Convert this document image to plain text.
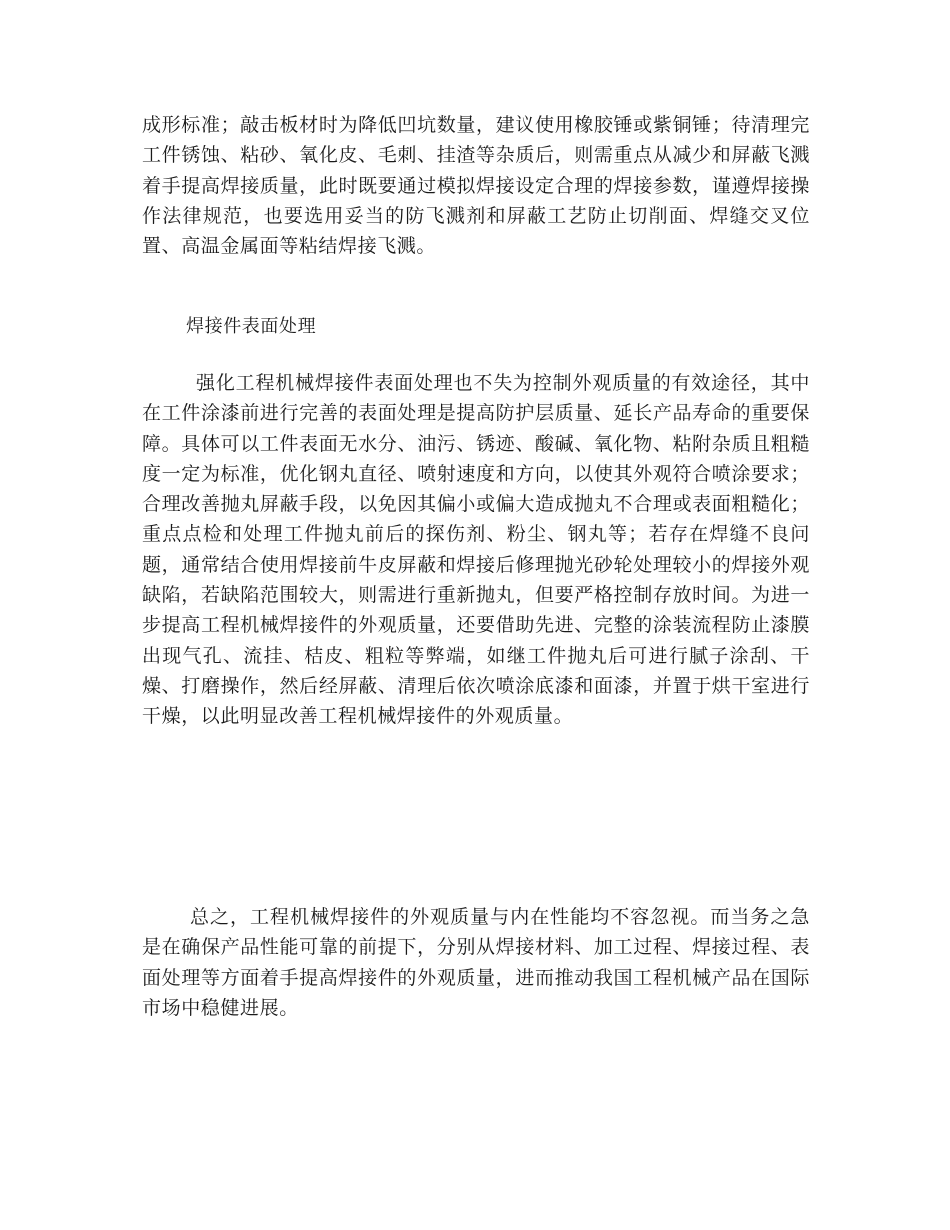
成形标准；敲击板材时为降低凹坑数量，建议使用橡胶锤或紫铜锤；待清理完工件锈蚀、粘砂、氧化皮、毛刺、挂渣等杂质后，则需重点从减少和屏蔽飞溅着手提高焊接质量，此时既要通过模拟焊接设定合理的焊接参数，谨遵焊接操作法律规范，也要选用妥当的防飞溅剂和屏蔽工艺防止切削面、焊缝交叉位置、高温金属面等粘结焊接飞溅。

焊接件表面处理

强化工程机械焊接件表面处理也不失为控制外观质量的有效途径，其中在工件涂漆前进行完善的表面处理是提高防护层质量、延长产品寿命的重要保障。具体可以工件表面无水分、油污、锈迹、酸碱、氧化物、粘附杂质且粗糙度一定为标准，优化钢丸直径、喷射速度和方向，以使其外观符合喷涂要求；合理改善抛丸屏蔽手段，以免因其偏小或偏大造成抛丸不合理或表面粗糙化；重点点检和处理工件抛丸前后的探伤剂、粉尘、钢丸等；若存在焊缝不良问题，通常结合使用焊接前牛皮屏蔽和焊接后修理抛光砂轮处理较小的焊接外观缺陷，若缺陷范围较大，则需进行重新抛丸，但要严格控制存放时间。为进一步提高工程机械焊接件的外观质量，还要借助先进、完整的涂装流程防止漆膜出现气孔、流挂、桔皮、粗粒等弊端，如继工件抛丸后可进行腻子涂刮、干燥、打磨操作，然后经屏蔽、清理后依次喷涂底漆和面漆，并置于烘干室进行干燥，以此明显改善工程机械焊接件的外观质量。

总之，工程机械焊接件的外观质量与内在性能均不容忽视。而当务之急是在确保产品性能可靠的前提下，分别从焊接材料、加工过程、焊接过程、表面处理等方面着手提高焊接件的外观质量，进而推动我国工程机械产品在国际市场中稳健进展。
